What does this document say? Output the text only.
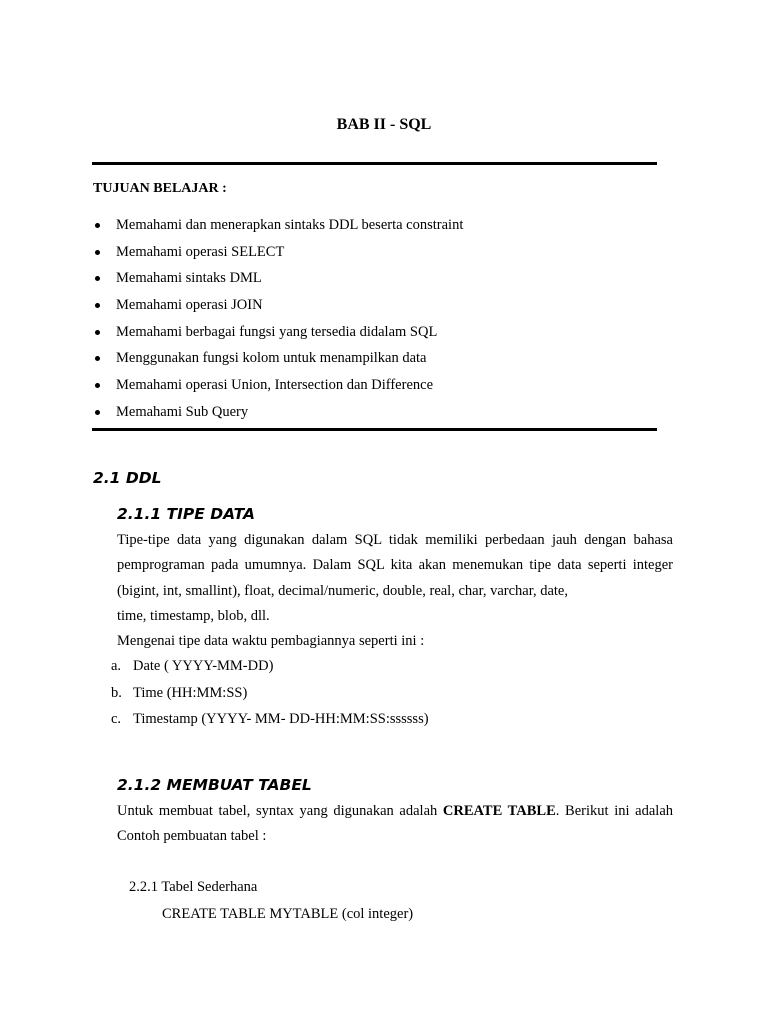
BAB II - SQL
TUJUAN BELAJAR :
Memahami dan menerapkan sintaks DDL beserta constraint
Memahami operasi SELECT
Memahami sintaks DML
Memahami operasi JOIN
Memahami berbagai fungsi yang tersedia didalam SQL
Menggunakan fungsi kolom untuk menampilkan data
Memahami operasi Union, Intersection dan Difference
Memahami Sub Query
2.1 DDL
2.1.1 TIPE DATA
Tipe-tipe data yang digunakan dalam SQL tidak memiliki perbedaan jauh dengan bahasa pemprograman pada umumnya. Dalam SQL kita akan menemukan tipe data seperti integer (bigint, int, smallint), float, decimal/numeric, double, real, char, varchar, date,
time, timestamp, blob, dll.
Mengenai tipe data waktu pembagiannya seperti ini :
a. Date ( YYYY-MM-DD)
b. Time (HH:MM:SS)
c. Timestamp (YYYY- MM- DD-HH:MM:SS:ssssss)
2.1.2 MEMBUAT TABEL

Untuk membuat tabel, syntax yang digunakan adalah CREATE TABLE. Berikut ini adalah Contoh pembuatan tabel :

2.2.1 Tabel Sederhana
CREATE TABLE MYTABLE (col integer)
